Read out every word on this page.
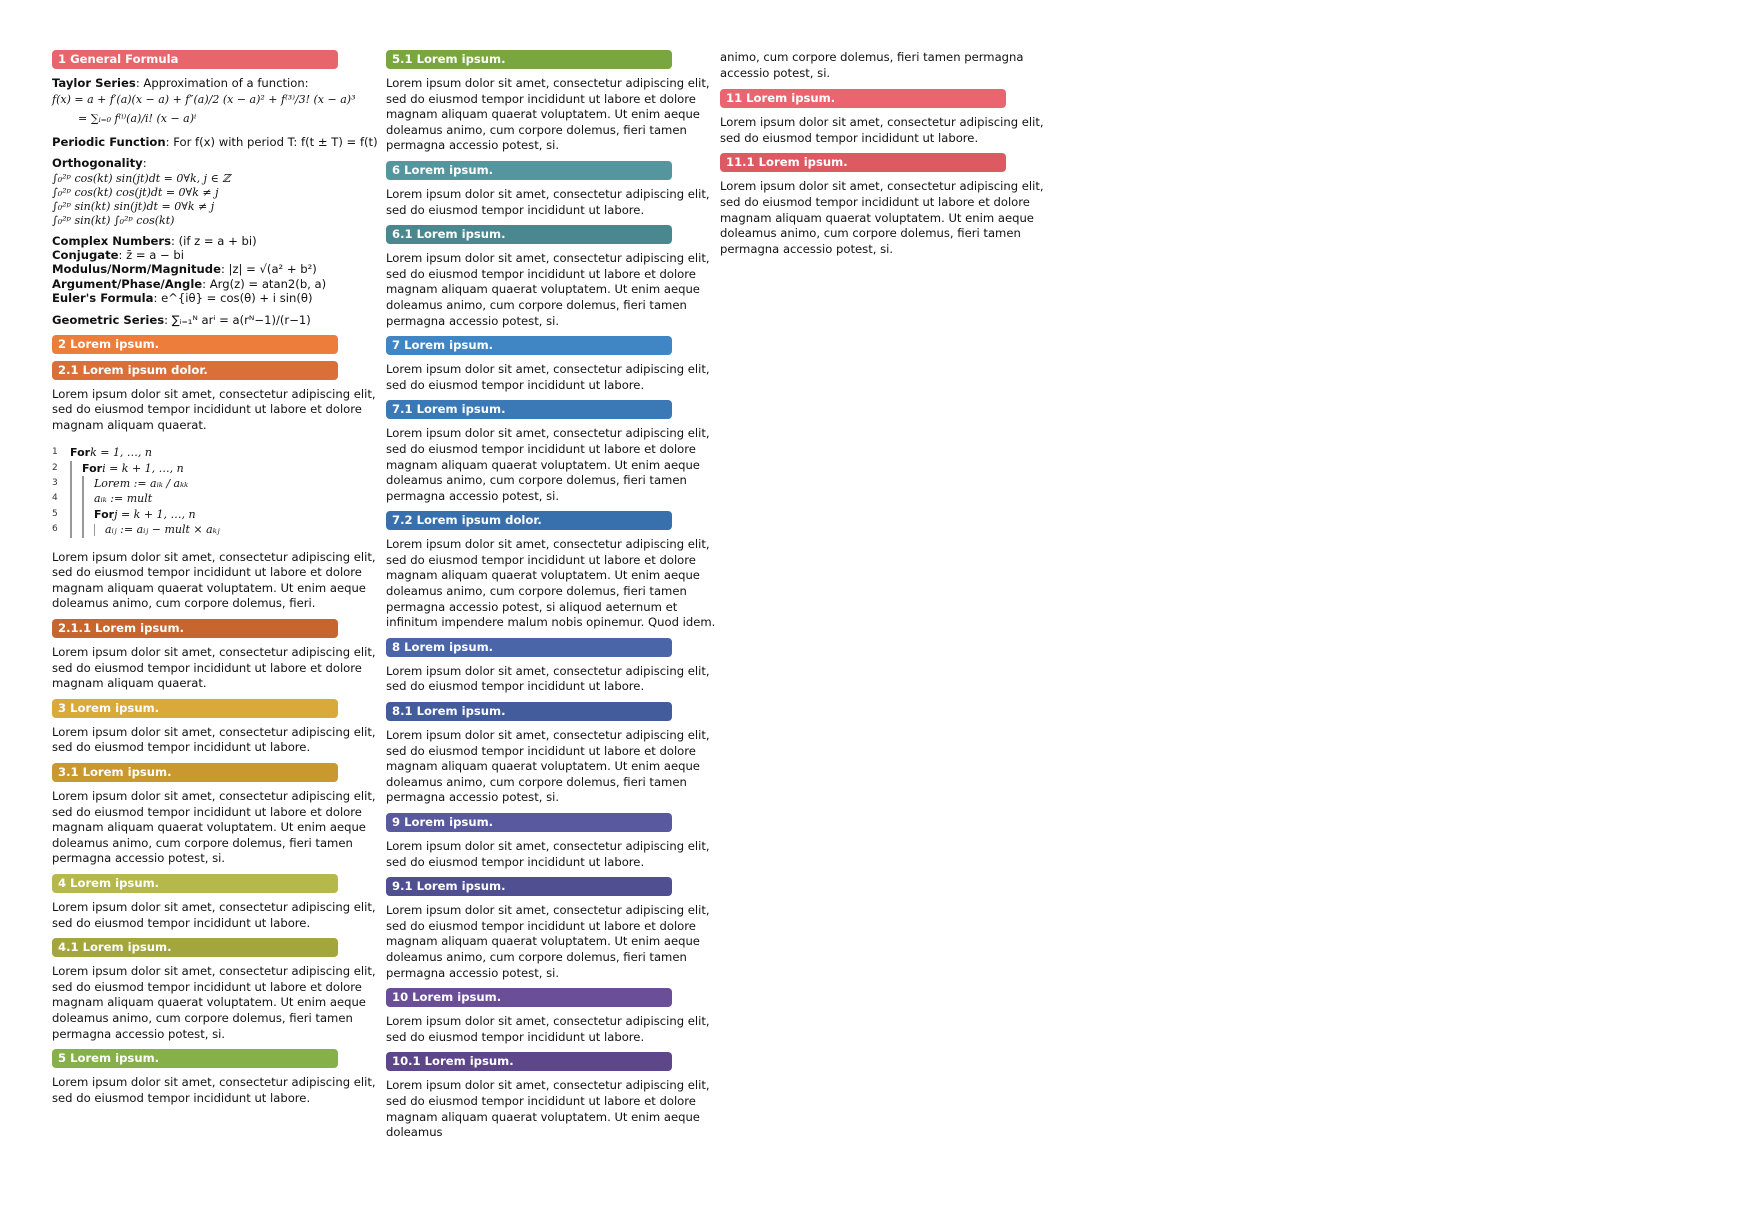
1 General Formula
Taylor Series: Approximation of a function:
f(x) = a + f′(a)(x − a) + f″(a)/2 (x − a)² + f⁽³⁾/3! (x − a)³
= ∑ᵢ₌₀ f⁽ⁱ⁾(a)/i! (x − a)ⁱ
Periodic Function: For f(x) with period T: f(t ± T) = f(t)
Orthogonality:
∫₀²ᵖ cos(kt) sin(jt)dt = 0∀k, j ∈ ℤ
∫₀²ᵖ cos(kt) cos(jt)dt = 0∀k ≠ j
∫₀²ᵖ sin(kt) sin(jt)dt = 0∀k ≠ j
∫₀²ᵖ sin(kt) ∫₀²ᵖ cos(kt)
Complex Numbers: (if z = a + bi)
Conjugate: z̄ = a − bi
Modulus/Norm/Magnitude: |z| = √(a² + b²)
Argument/Phase/Angle: Arg(z) = atan2(b, a)
Euler's Formula: e^{iθ} = cos(θ) + i sin(θ)
Geometric Series: ∑ᵢ₌₁ᴺ arⁱ = a(rᴺ−1)/(r−1)
2 Lorem ipsum.
2.1 Lorem ipsum dolor.
Lorem ipsum dolor sit amet, consectetur adipiscing elit, sed do eiusmod tempor incididunt ut labore et dolore magnam aliquam quaerat.
1	For k = 1, …, n
2	For i = k + 1, …, n
3	Lorem := aᵢₖ / aₖₖ
4	aᵢₖ := mult
5	For j = k + 1, …, n
6	aᵢⱼ := aᵢⱼ − mult × aₖⱼ
Lorem ipsum dolor sit amet, consectetur adipiscing elit, sed do eiusmod tempor incididunt ut labore et dolore magnam aliquam quaerat voluptatem. Ut enim aeque doleamus animo, cum corpore dolemus, fieri.
2.1.1 Lorem ipsum.
Lorem ipsum dolor sit amet, consectetur adipiscing elit, sed do eiusmod tempor incididunt ut labore et dolore magnam aliquam quaerat.
3 Lorem ipsum.
Lorem ipsum dolor sit amet, consectetur adipiscing elit, sed do eiusmod tempor incididunt ut labore.
3.1 Lorem ipsum.
Lorem ipsum dolor sit amet, consectetur adipiscing elit, sed do eiusmod tempor incididunt ut labore et dolore magnam aliquam quaerat voluptatem. Ut enim aeque doleamus animo, cum corpore dolemus, fieri tamen permagna accessio potest, si.
4 Lorem ipsum.
Lorem ipsum dolor sit amet, consectetur adipiscing elit, sed do eiusmod tempor incididunt ut labore.
4.1 Lorem ipsum.
Lorem ipsum dolor sit amet, consectetur adipiscing elit, sed do eiusmod tempor incididunt ut labore et dolore magnam aliquam quaerat voluptatem. Ut enim aeque doleamus animo, cum corpore dolemus, fieri tamen permagna accessio potest, si.
5 Lorem ipsum.
Lorem ipsum dolor sit amet, consectetur adipiscing elit, sed do eiusmod tempor incididunt ut labore.
5.1 Lorem ipsum.
Lorem ipsum dolor sit amet, consectetur adipiscing elit, sed do eiusmod tempor incididunt ut labore et dolore magnam aliquam quaerat voluptatem. Ut enim aeque doleamus animo, cum corpore dolemus, fieri tamen permagna accessio potest, si.
6 Lorem ipsum.
Lorem ipsum dolor sit amet, consectetur adipiscing elit, sed do eiusmod tempor incididunt ut labore.
6.1 Lorem ipsum.
Lorem ipsum dolor sit amet, consectetur adipiscing elit, sed do eiusmod tempor incididunt ut labore et dolore magnam aliquam quaerat voluptatem. Ut enim aeque doleamus animo, cum corpore dolemus, fieri tamen permagna accessio potest, si.
7 Lorem ipsum.
Lorem ipsum dolor sit amet, consectetur adipiscing elit, sed do eiusmod tempor incididunt ut labore.
7.1 Lorem ipsum.
Lorem ipsum dolor sit amet, consectetur adipiscing elit, sed do eiusmod tempor incididunt ut labore et dolore magnam aliquam quaerat voluptatem. Ut enim aeque doleamus animo, cum corpore dolemus, fieri tamen permagna accessio potest, si.
7.2 Lorem ipsum dolor.
Lorem ipsum dolor sit amet, consectetur adipiscing elit, sed do eiusmod tempor incididunt ut labore et dolore magnam aliquam quaerat voluptatem. Ut enim aeque doleamus animo, cum corpore dolemus, fieri tamen permagna accessio potest, si aliquod aeternum et infinitum impendere malum nobis opinemur. Quod idem.
8 Lorem ipsum.
Lorem ipsum dolor sit amet, consectetur adipiscing elit, sed do eiusmod tempor incididunt ut labore.
8.1 Lorem ipsum.
Lorem ipsum dolor sit amet, consectetur adipiscing elit, sed do eiusmod tempor incididunt ut labore et dolore magnam aliquam quaerat voluptatem. Ut enim aeque doleamus animo, cum corpore dolemus, fieri tamen permagna accessio potest, si.
9 Lorem ipsum.
Lorem ipsum dolor sit amet, consectetur adipiscing elit, sed do eiusmod tempor incididunt ut labore.
9.1 Lorem ipsum.
Lorem ipsum dolor sit amet, consectetur adipiscing elit, sed do eiusmod tempor incididunt ut labore et dolore magnam aliquam quaerat voluptatem. Ut enim aeque doleamus animo, cum corpore dolemus, fieri tamen permagna accessio potest, si.
10 Lorem ipsum.
Lorem ipsum dolor sit amet, consectetur adipiscing elit, sed do eiusmod tempor incididunt ut labore.
10.1 Lorem ipsum.
Lorem ipsum dolor sit amet, consectetur adipiscing elit, sed do eiusmod tempor incididunt ut labore et dolore magnam aliquam quaerat voluptatem. Ut enim aeque doleamus
animo, cum corpore dolemus, fieri tamen permagna accessio potest, si.
11 Lorem ipsum.
Lorem ipsum dolor sit amet, consectetur adipiscing elit, sed do eiusmod tempor incididunt ut labore.
11.1 Lorem ipsum.
Lorem ipsum dolor sit amet, consectetur adipiscing elit, sed do eiusmod tempor incididunt ut labore et dolore magnam aliquam quaerat voluptatem. Ut enim aeque doleamus animo, cum corpore dolemus, fieri tamen permagna accessio potest, si.
